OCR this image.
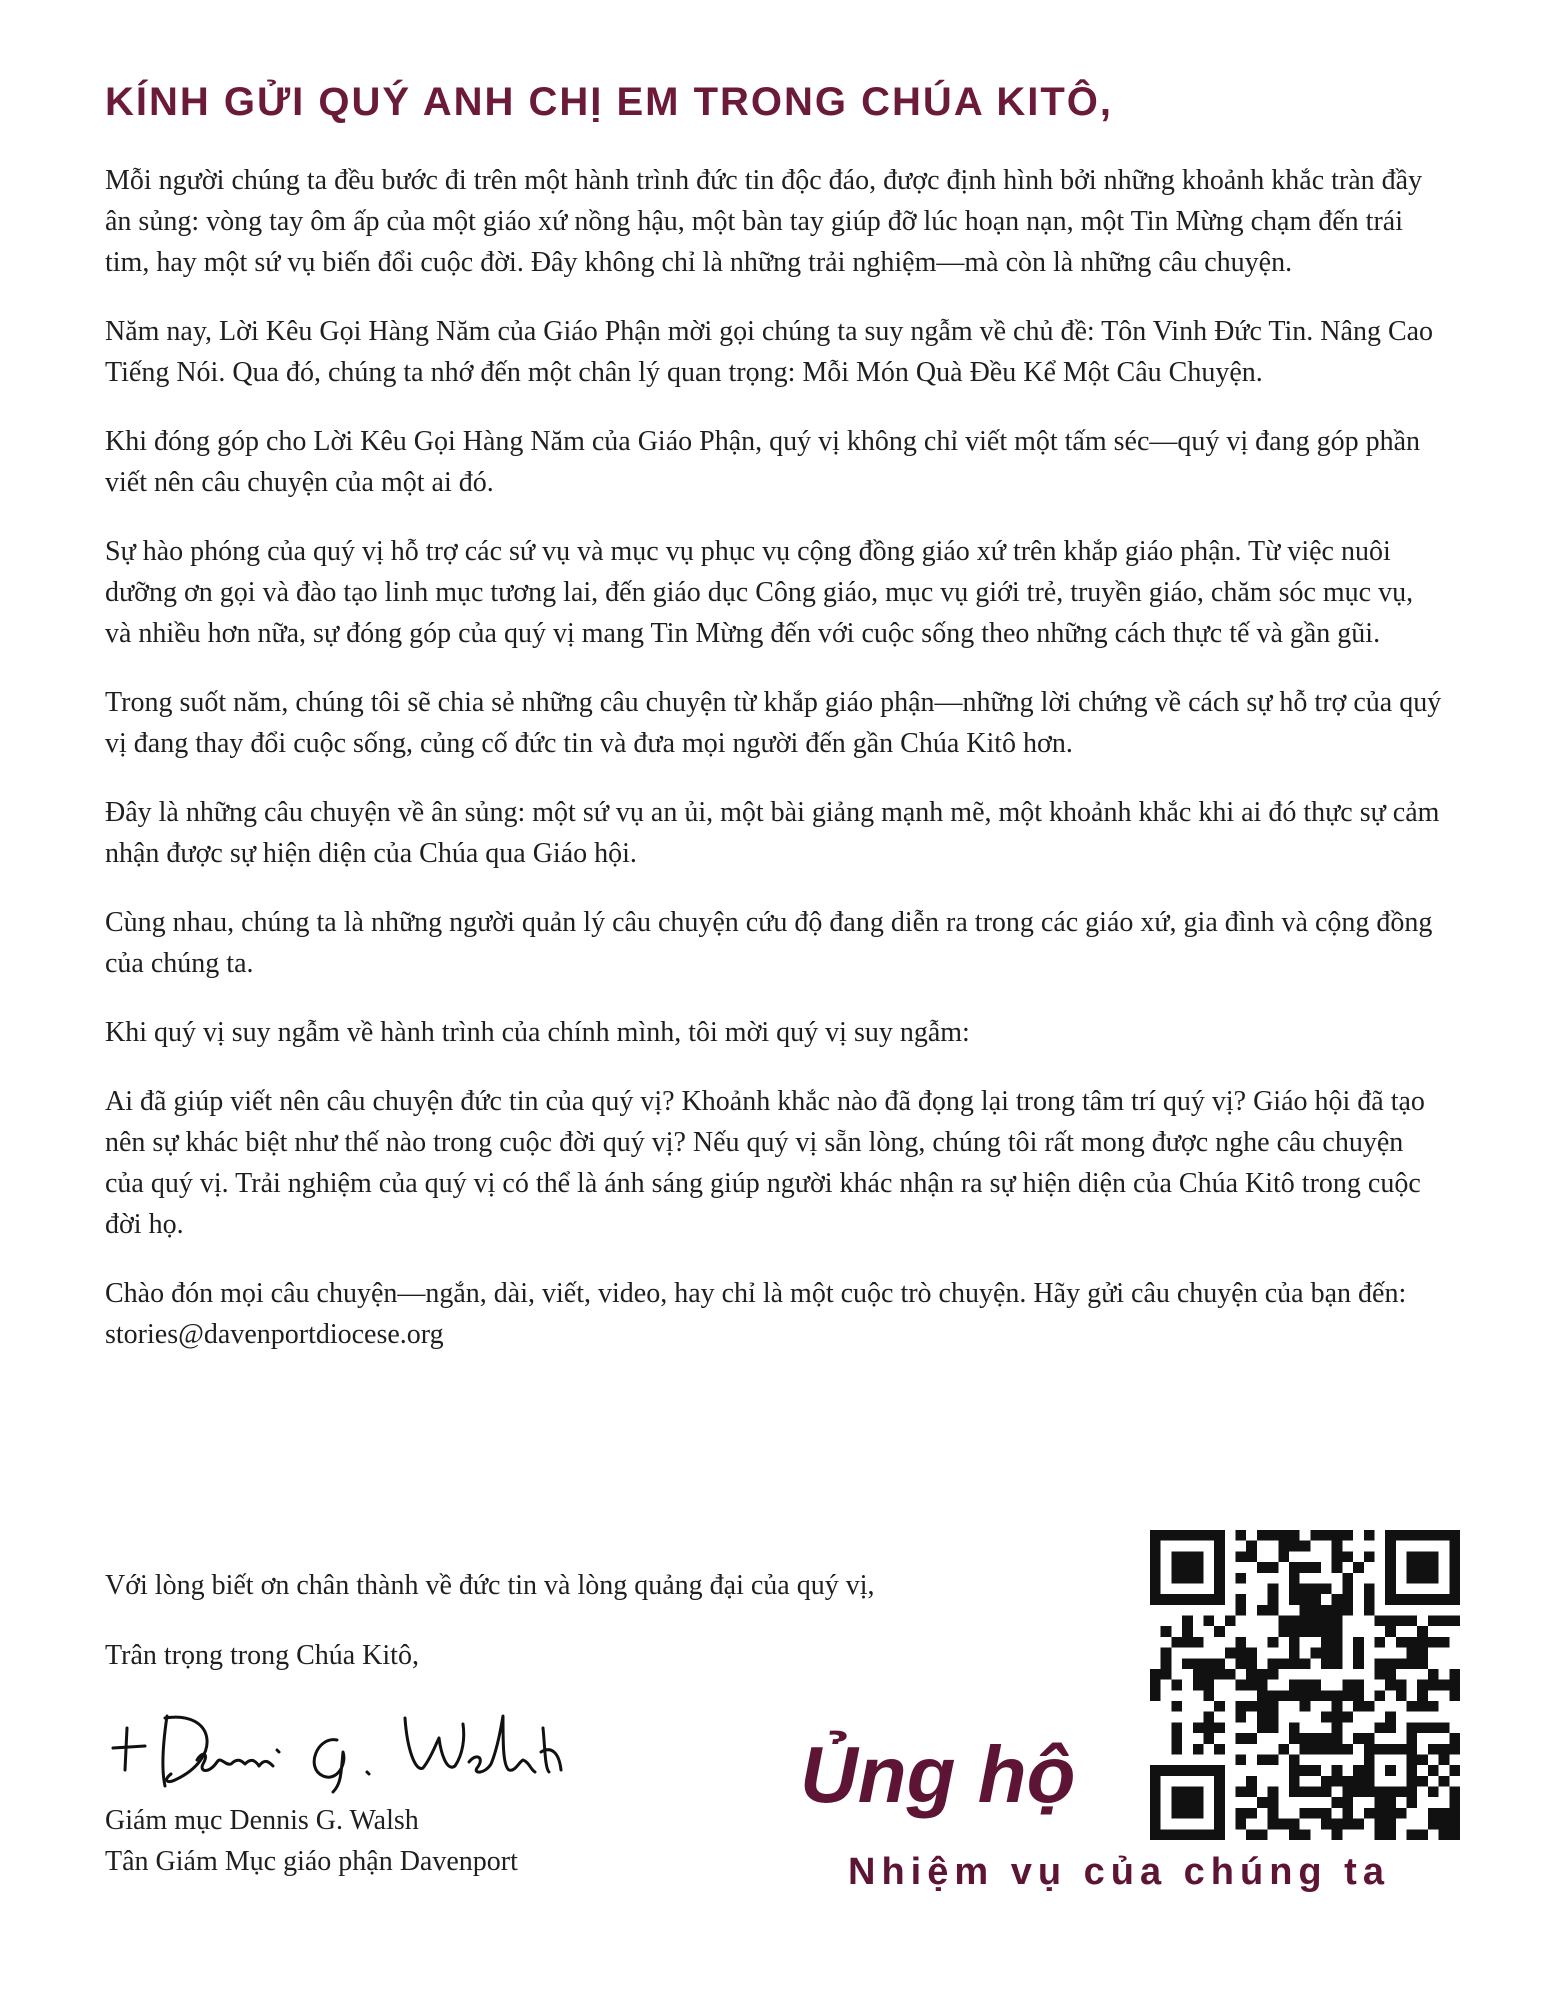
KÍNH GỬI QUÝ ANH CHỊ EM TRONG CHÚA KITÔ,

Mỗi người chúng ta đều bước đi trên một hành trình đức tin độc đáo, được định hình bởi những khoảnh khắc tràn đầy ân sủng: vòng tay ôm ấp của một giáo xứ nồng hậu, một bàn tay giúp đỡ lúc hoạn nạn, một Tin Mừng chạm đến trái tim, hay một sứ vụ biến đổi cuộc đời. Đây không chỉ là những trải nghiệm—mà còn là những câu chuyện.

Năm nay, Lời Kêu Gọi Hàng Năm của Giáo Phận mời gọi chúng ta suy ngẫm về chủ đề: Tôn Vinh Đức Tin. Nâng Cao Tiếng Nói. Qua đó, chúng ta nhớ đến một chân lý quan trọng: Mỗi Món Quà Đều Kể Một Câu Chuyện.

Khi đóng góp cho Lời Kêu Gọi Hàng Năm của Giáo Phận, quý vị không chỉ viết một tấm séc—quý vị đang góp phần viết nên câu chuyện của một ai đó.

Sự hào phóng của quý vị hỗ trợ các sứ vụ và mục vụ phục vụ cộng đồng giáo xứ trên khắp giáo phận. Từ việc nuôi dưỡng ơn gọi và đào tạo linh mục tương lai, đến giáo dục Công giáo, mục vụ giới trẻ, truyền giáo, chăm sóc mục vụ, và nhiều hơn nữa, sự đóng góp của quý vị mang Tin Mừng đến với cuộc sống theo những cách thực tế và gần gũi.

Trong suốt năm, chúng tôi sẽ chia sẻ những câu chuyện từ khắp giáo phận—những lời chứng về cách sự hỗ trợ của quý vị đang thay đổi cuộc sống, củng cố đức tin và đưa mọi người đến gần Chúa Kitô hơn.

Đây là những câu chuyện về ân sủng: một sứ vụ an ủi, một bài giảng mạnh mẽ, một khoảnh khắc khi ai đó thực sự cảm nhận được sự hiện diện của Chúa qua Giáo hội.

Cùng nhau, chúng ta là những người quản lý câu chuyện cứu độ đang diễn ra trong các giáo xứ, gia đình và cộng đồng của chúng ta.

Khi quý vị suy ngẫm về hành trình của chính mình, tôi mời quý vị suy ngẫm:

Ai đã giúp viết nên câu chuyện đức tin của quý vị? Khoảnh khắc nào đã đọng lại trong tâm trí quý vị? Giáo hội đã tạo nên sự khác biệt như thế nào trong cuộc đời quý vị? Nếu quý vị sẵn lòng, chúng tôi rất mong được nghe câu chuyện của quý vị. Trải nghiệm của quý vị có thể là ánh sáng giúp người khác nhận ra sự hiện diện của Chúa Kitô trong cuộc đời họ.

Chào đón mọi câu chuyện—ngắn, dài, viết, video, hay chỉ là một cuộc trò chuyện. Hãy gửi câu chuyện của bạn đến: stories@davenportdiocese.org

Với lòng biết ơn chân thành về đức tin và lòng quảng đại của quý vị,

Trân trọng trong Chúa Kitô,

Giám mục Dennis G. Walsh
Tân Giám Mục giáo phận Davenport
Ủng hộ
Nhiệm vụ của chúng ta
